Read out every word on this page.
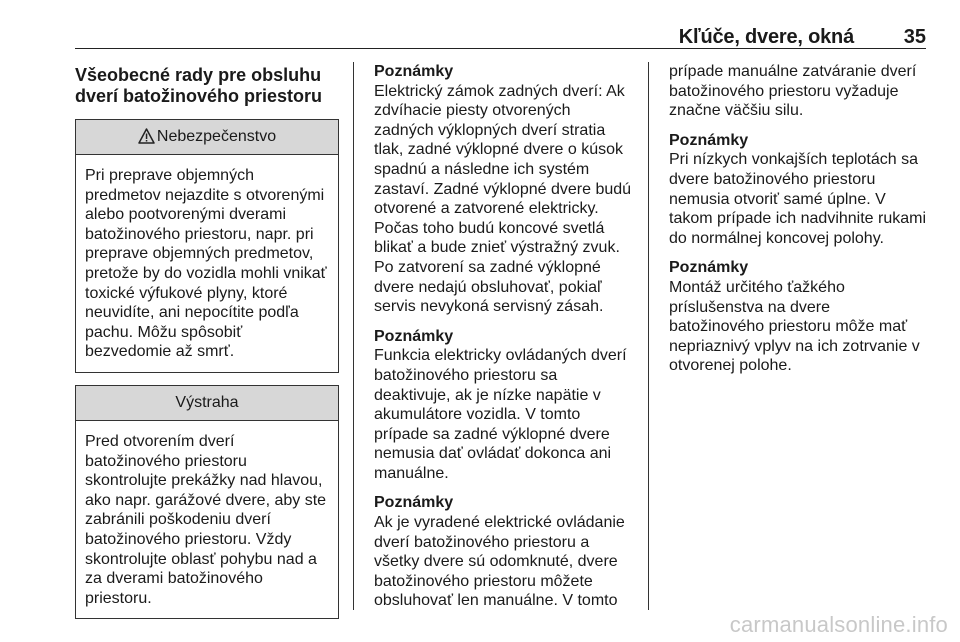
Kľúče, dvere, okná 35
Všeobecné rady pre obsluhu
dverí batožinového priestoru
Nebezpečenstvo
Pri preprave objemných
predmetov nejazdite s otvorenými
alebo pootvorenými dverami
batožinového priestoru, napr. pri
preprave objemných predmetov,
pretože by do vozidla mohli vnikať
toxické výfukové plyny, ktoré
neuvidíte, ani nepocítite podľa
pachu. Môžu spôsobiť
bezvedomie až smrť.
Výstraha
Pred otvorením dverí
batožinového priestoru
skontrolujte prekážky nad hlavou,
ako napr. garážové dvere, aby ste
zabránili poškodeniu dverí
batožinového priestoru. Vždy
skontrolujte oblasť pohybu nad a
za dverami batožinového
priestoru.
Poznámky
Elektrický zámok zadných dverí: Ak
zdvíhacie piesty otvorených
zadných výklopných dverí stratia
tlak, zadné výklopné dvere o kúsok
spadnú a následne ich systém
zastaví. Zadné výklopné dvere budú
otvorené a zatvorené elektricky.
Počas toho budú koncové svetlá
blikať a bude znieť výstražný zvuk.
Po zatvorení sa zadné výklopné
dvere nedajú obsluhovať, pokiaľ
servis nevykoná servisný zásah.
Poznámky
Funkcia elektricky ovládaných dverí
batožinového priestoru sa
deaktivuje, ak je nízke napätie v
akumulátore vozidla. V tomto
prípade sa zadné výklopné dvere
nemusia dať ovládať dokonca ani
manuálne.
Poznámky
Ak je vyradené elektrické ovládanie
dverí batožinového priestoru a
všetky dvere sú odomknuté, dvere
batožinového priestoru môžete
obsluhovať len manuálne. V tomto
prípade manuálne zatváranie dverí
batožinového priestoru vyžaduje
značne väčšiu silu.
Poznámky
Pri nízkych vonkajších teplotách sa
dvere batožinového priestoru
nemusia otvoriť samé úplne. V
takom prípade ich nadvihnite rukami
do normálnej koncovej polohy.
Poznámky
Montáž určitého ťažkého
príslušenstva na dvere
batožinového priestoru môže mať
nepriaznivý vplyv na ich zotrvanie v
otvorenej polohe.
carmanualsonline.info
